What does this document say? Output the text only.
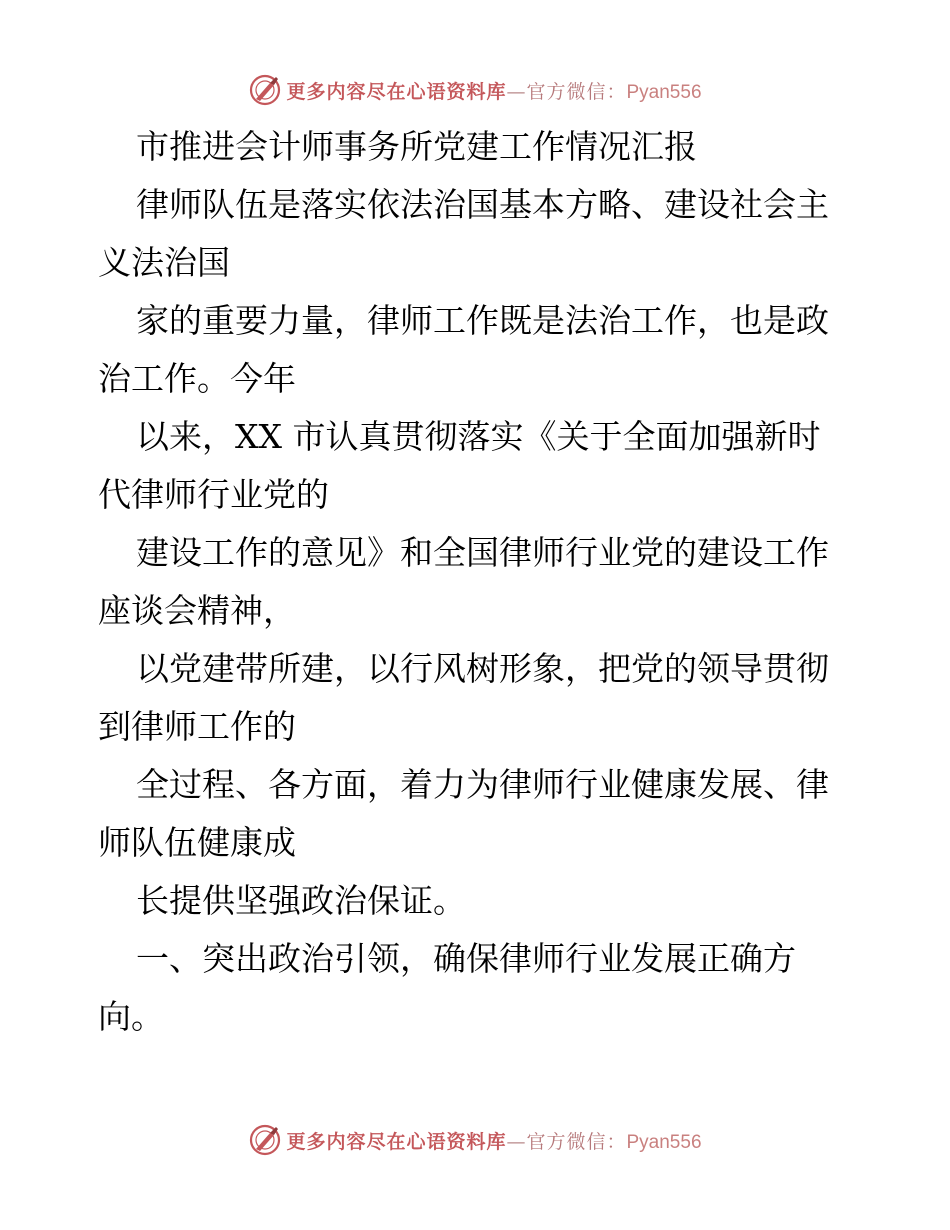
更多内容尽在心语资料库—官方微信：Pyan556
市推进会计师事务所党建工作情况汇报
律师队伍是落实依法治国基本方略、建设社会主
义法治国
家的重要力量，律师工作既是法治工作，也是政
治工作。今年
以来，XX 市认真贯彻落实《关于全面加强新时
代律师行业党的
建设工作的意见》和全国律师行业党的建设工作
座谈会精神，
以党建带所建，以行风树形象，把党的领导贯彻
到律师工作的
全过程、各方面，着力为律师行业健康发展、律
师队伍健康成
长提供坚强政治保证。
一、突出政治引领，确保律师行业发展正确方
向。
更多内容尽在心语资料库—官方微信：Pyan556
